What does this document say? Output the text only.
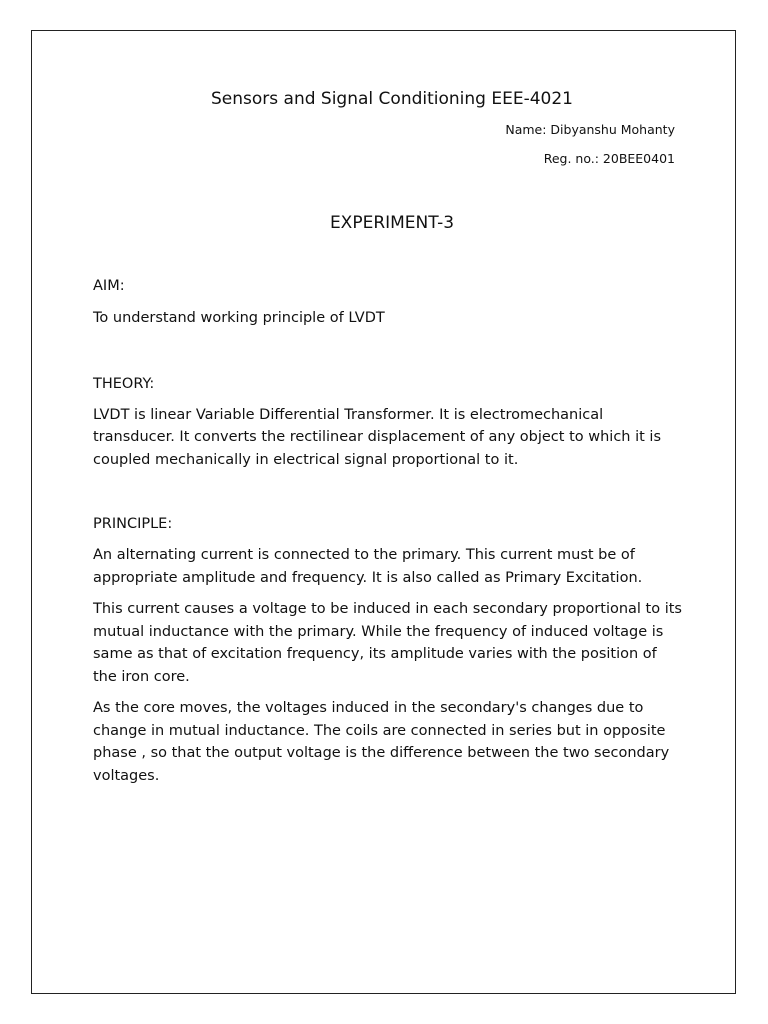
Sensors and Signal Conditioning EEE-4021

Name: Dibyanshu Mohanty

Reg. no.: 20BEE0401

EXPERIMENT-3

AIM:

To understand working principle of LVDT

THEORY:

LVDT is linear Variable Differential Transformer. It is electromechanical transducer. It converts the rectilinear displacement of any object to which it is coupled mechanically in electrical signal proportional to it.

PRINCIPLE:

An alternating current is connected to the primary. This current must be of appropriate amplitude and frequency. It is also called as Primary Excitation.

This current causes a voltage to be induced in each secondary proportional to its mutual inductance with the primary. While the frequency of induced voltage is same as that of excitation frequency, its amplitude varies with the position of the iron core.

As the core moves, the voltages induced in the secondary's changes due to change in mutual inductance. The coils are connected in series but in opposite phase , so that the output voltage is the difference between the two secondary voltages.
